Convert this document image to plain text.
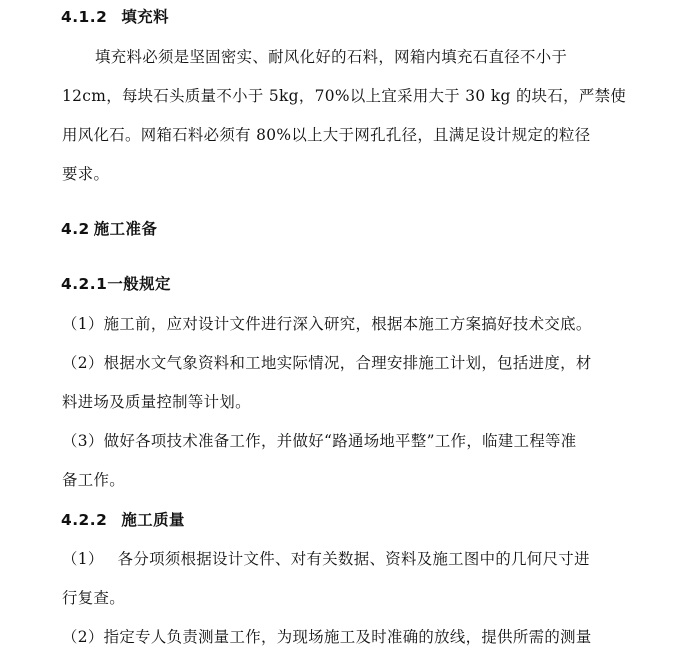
4.1.2 填充料
填充料必须是坚固密实、耐风化好的石料，网箱内填充石直径不小于
12cm，每块石头质量不小于 5kg，70%以上宜采用大于 30 kg 的块石，严禁使
用风化石。网箱石料必须有 80%以上大于网孔孔径，且满足设计规定的粒径
要求。
4.2 施工准备
4.2.1一般规定
（1）施工前，应对设计文件进行深入研究，根据本施工方案搞好技术交底。
（2）根据水文气象资料和工地实际情况，合理安排施工计划，包括进度，材
料进场及质量控制等计划。
（3）做好各项技术准备工作，并做好“路通场地平整”工作，临建工程等准
备工作。
4.2.2 施工质量
（1） 各分项须根据设计文件、对有关数据、资料及施工图中的几何尺寸进
行复查。
（2）指定专人负责测量工作，为现场施工及时准确的放线，提供所需的测量
